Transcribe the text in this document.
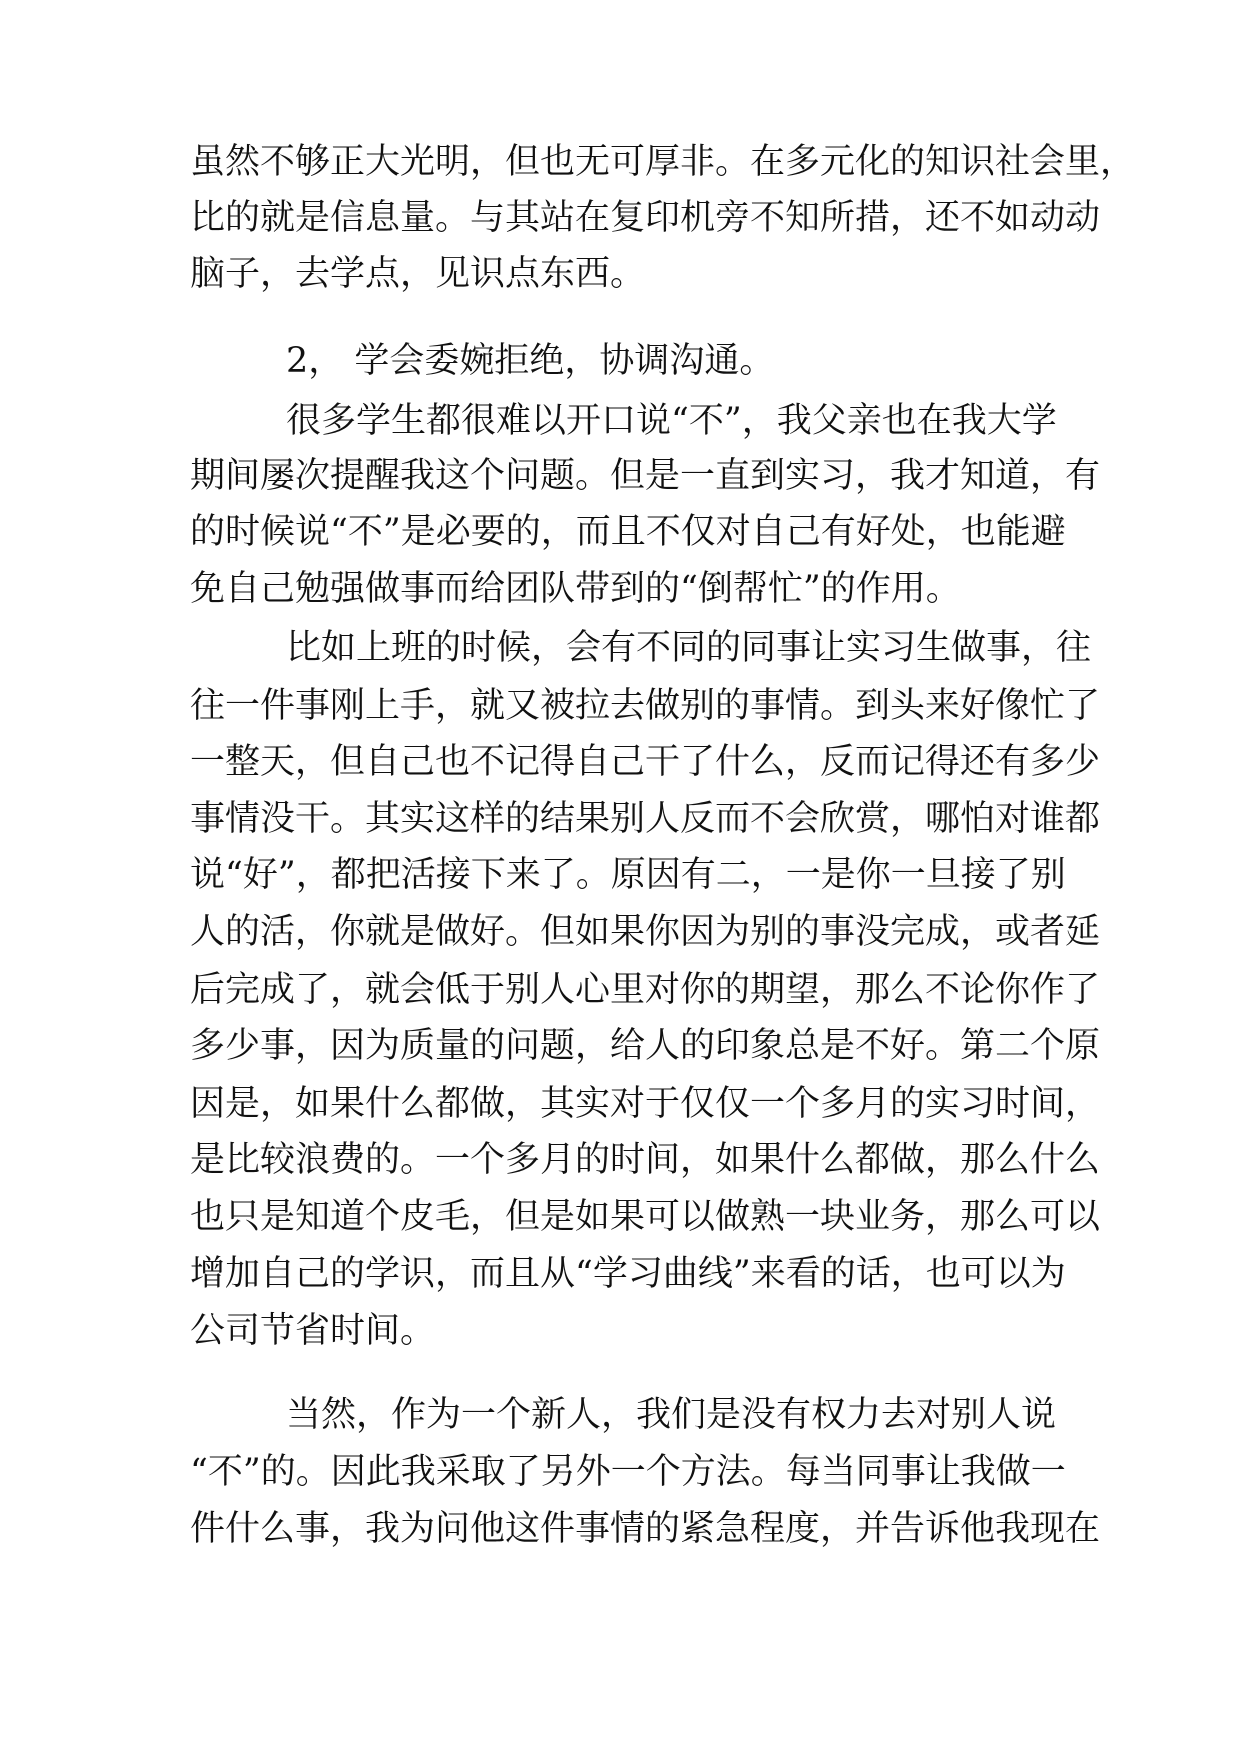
虽然不够正大光明，但也无可厚非。在多元化的知识社会里，
比的就是信息量。与其站在复印机旁不知所措，还不如动动
脑子，去学点，见识点东西。
2， 学会委婉拒绝，协调沟通。
很多学生都很难以开口说“不”，我父亲也在我大学
期间屡次提醒我这个问题。但是一直到实习，我才知道，有
的时候说“不”是必要的，而且不仅对自己有好处，也能避
免自己勉强做事而给团队带到的“倒帮忙”的作用。
比如上班的时候，会有不同的同事让实习生做事，往
往一件事刚上手，就又被拉去做别的事情。到头来好像忙了
一整天，但自己也不记得自己干了什么，反而记得还有多少
事情没干。其实这样的结果别人反而不会欣赏，哪怕对谁都
说“好”，都把活接下来了。原因有二，一是你一旦接了别
人的活，你就是做好。但如果你因为别的事没完成，或者延
后完成了，就会低于别人心里对你的期望，那么不论你作了
多少事，因为质量的问题，给人的印象总是不好。第二个原
因是，如果什么都做，其实对于仅仅一个多月的实习时间，
是比较浪费的。一个多月的时间，如果什么都做，那么什么
也只是知道个皮毛，但是如果可以做熟一块业务，那么可以
增加自己的学识，而且从“学习曲线”来看的话，也可以为
公司节省时间。
当然，作为一个新人，我们是没有权力去对别人说
“不”的。因此我采取了另外一个方法。每当同事让我做一
件什么事，我为问他这件事情的紧急程度，并告诉他我现在
